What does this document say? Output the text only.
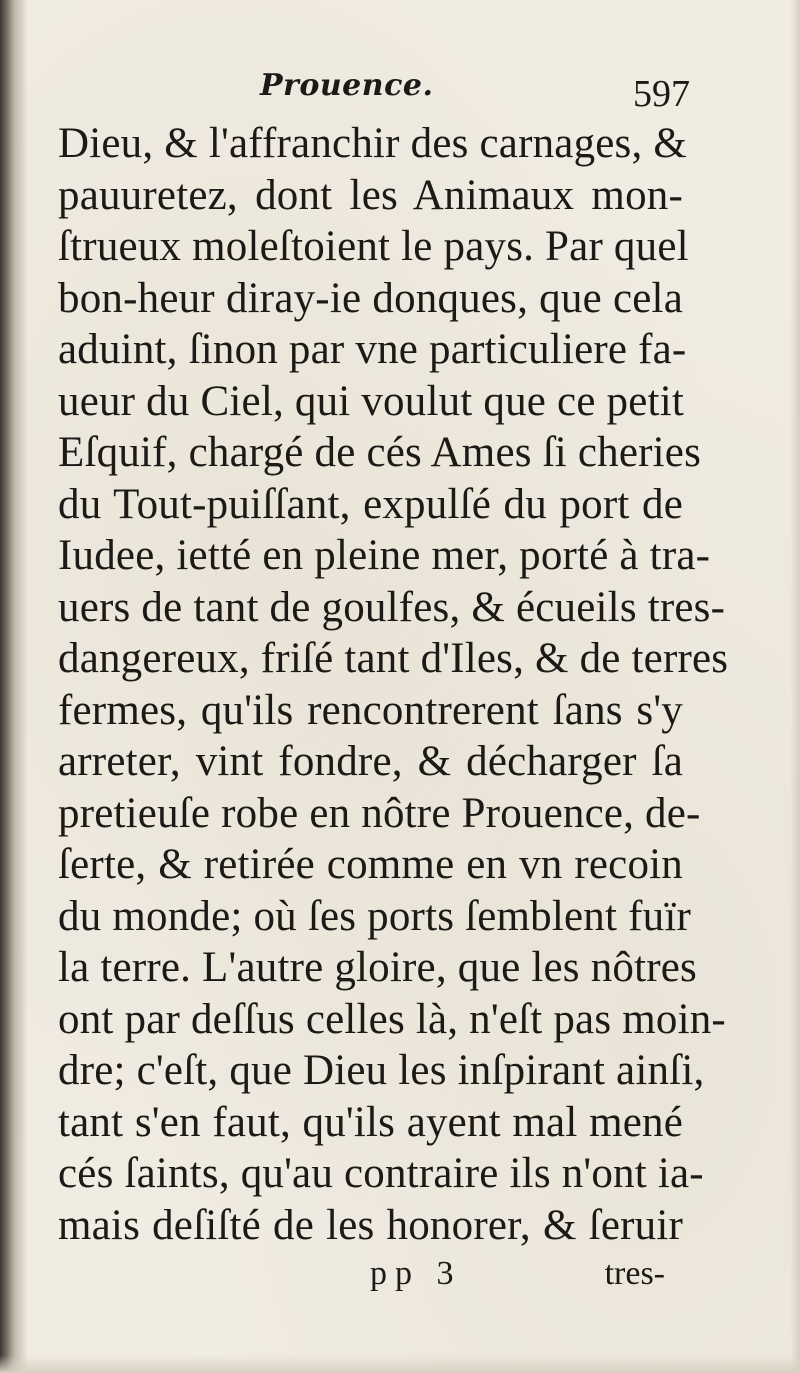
Prouence.	597
Dieu, & l'affranchir des carnages, &
pauuretez, dont les Animaux mon-
ſtrueux moleſtoient le pays. Par quel
bon-heur diray-ie donques, que cela
aduint, ſinon par vne particuliere fa-
ueur du Ciel, qui voulut que ce petit
Eſquif, chargé de cés Ames ſi cheries
du Tout-puiſſant, expulſé du port de
Iudee, ietté en pleine mer, porté à tra-
uers de tant de goulfes, & écueils tres-
dangereux, friſé tant d'Iles, & de terres
fermes, qu'ils rencontrerent ſans s'y
arreter, vint fondre, & décharger ſa
pretieuſe robe en nôtre Prouence, de-
ſerte, & retirée comme en vn recoin
du monde; où ſes ports ſemblent fuïr
la terre. L'autre gloire, que les nôtres
ont par deſſus celles là, n'eſt pas moin-
dre; c'eſt, que Dieu les inſpirant ainſi,
tant s'en faut, qu'ils ayent mal mené
cés ſaints, qu'au contraire ils n'ont ia-
mais deſiſté de les honorer, & ſeruir
pp 3	tres-
